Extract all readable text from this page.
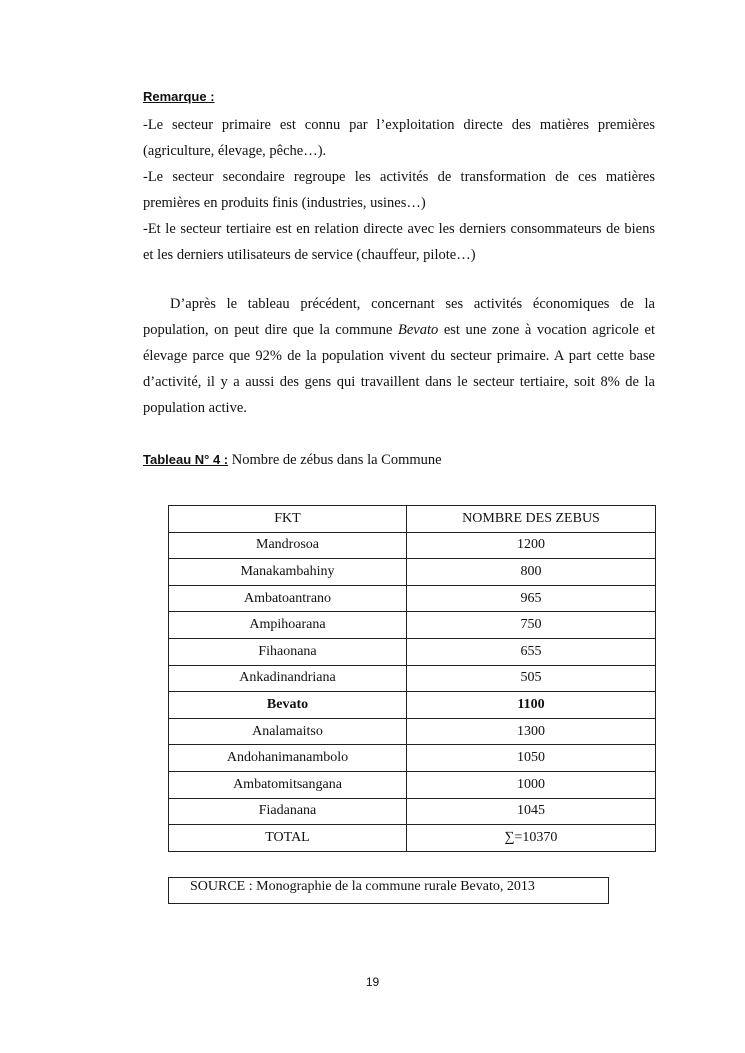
Remarque :

-Le secteur primaire est connu par l’exploitation directe des matières premières (agriculture, élevage, pêche…).

-Le secteur secondaire regroupe les activités de transformation de ces matières premières en produits finis (industries, usines…)

-Et le secteur tertiaire est en relation directe avec les derniers consommateurs de biens et les derniers utilisateurs de service (chauffeur, pilote…)

D’après le tableau précédent, concernant ses activités économiques de la population, on peut dire que la commune Bevato est une zone à vocation agricole et élevage parce que 92% de la population vivent du secteur primaire. A part cette base d’activité, il y a aussi des gens qui travaillent dans le secteur tertiaire, soit 8% de la population active.

Tableau N° 4 : Nombre de zébus dans la Commune
FKT	NOMBRE DES ZEBUS
Mandrosoa	1200
Manakambahiny	800
Ambatoantrano	965
Ampihoarana	750
Fihaonana	655
Ankadinandriana	505
Bevato	1100
Analamaitso	1300
Andohanimanambolo	1050
Ambatomitsangana	1000
Fiadanana	1045
TOTAL	∑=10370
SOURCE : Monographie de la commune rurale Bevato, 2013
19
